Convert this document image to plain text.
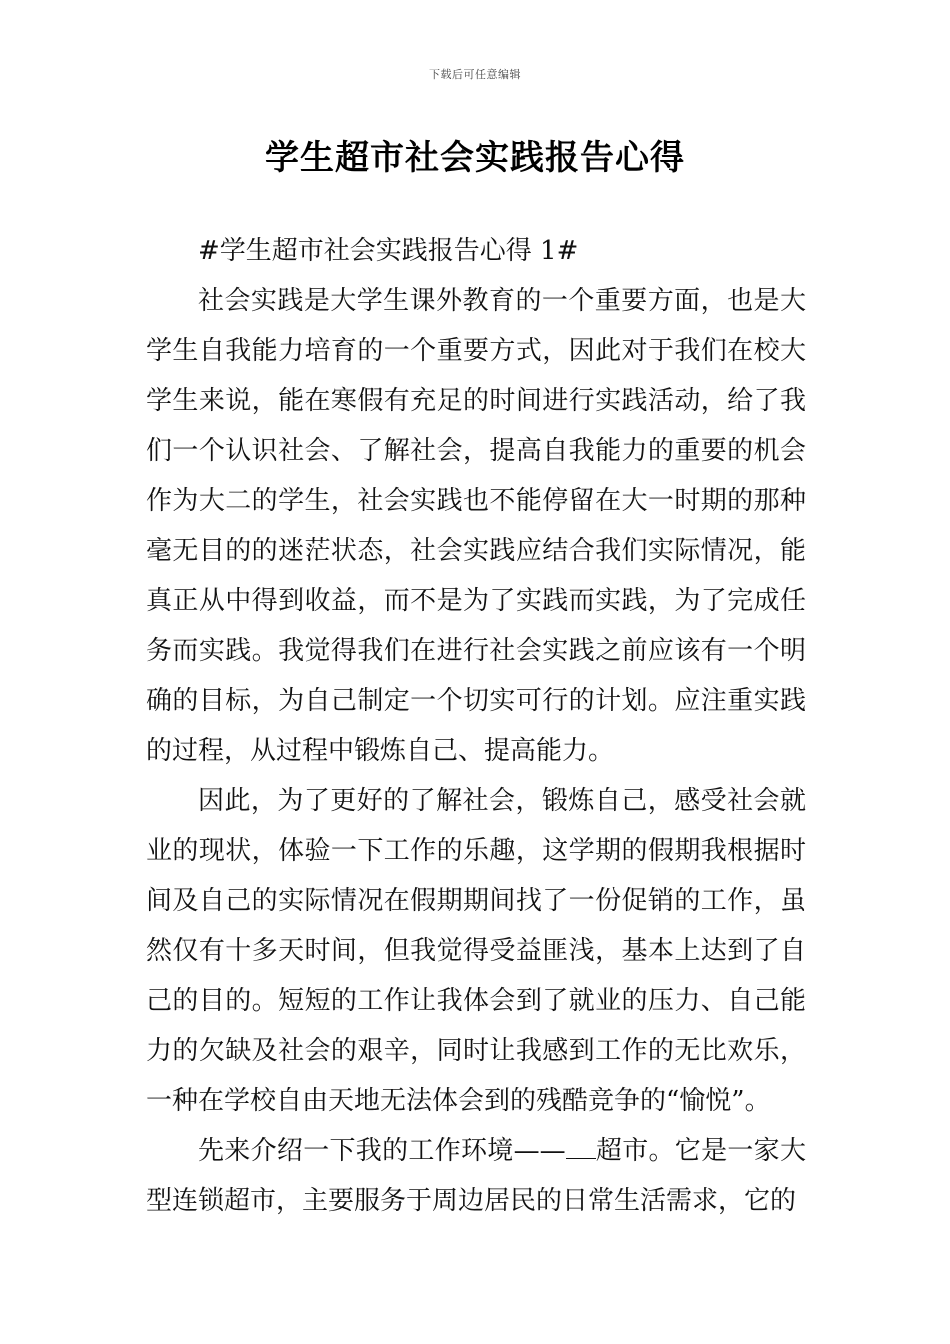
下载后可任意编辑
学生超市社会实践报告心得

#学生超市社会实践报告心得 1#

社会实践是大学生课外教育的一个重要方面，也是大学生自我能力培育的一个重要方式，因此对于我们在校大学生来说，能在寒假有充足的时间进行实践活动，给了我们一个认识社会、了解社会，提高自我能力的重要的机会作为大二的学生，社会实践也不能停留在大一时期的那种毫无目的的迷茫状态，社会实践应结合我们实际情况，能真正从中得到收益，而不是为了实践而实践，为了完成任务而实践。我觉得我们在进行社会实践之前应该有一个明确的目标，为自己制定一个切实可行的计划。应注重实践的过程，从过程中锻炼自己、提高能力。

因此，为了更好的了解社会，锻炼自己，感受社会就业的现状，体验一下工作的乐趣，这学期的假期我根据时间及自己的实际情况在假期期间找了一份促销的工作，虽然仅有十多天时间，但我觉得受益匪浅，基本上达到了自己的目的。短短的工作让我体会到了就业的压力、自己能力的欠缺及社会的艰辛，同时让我感到工作的无比欢乐，一种在学校自由天地无法体会到的残酷竞争的“愉悦”。

先来介绍一下我的工作环境—— 超市。它是一家大型连锁超市，主要服务于周边居民的日常生活需求，它的
